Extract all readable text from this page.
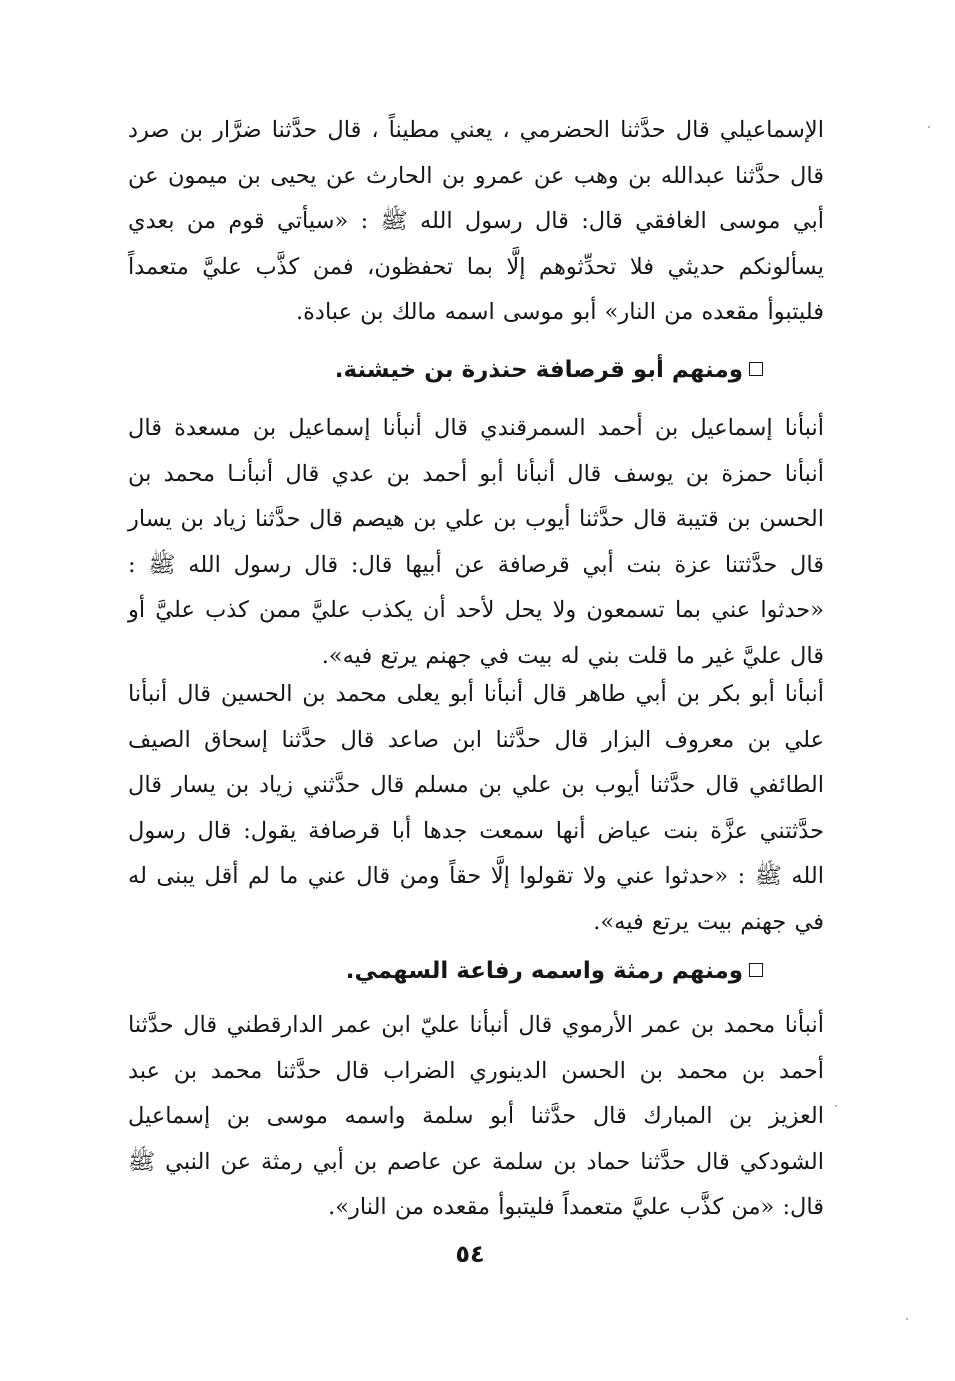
الإسماعيلي قال حدَّثنا الحضرمي ، يعني مطيناً ، قال حدَّثنا ضرَّار بن صرد قال حدَّثنا عبدالله بن وهب عن عمرو بن الحارث عن يحيى بن ميمون عن أبي موسى الغافقي قال: قال رسول الله ﷺ : «سيأتي قوم من بعدي يسألونكم حديثي فلا تحدِّثوهم إلَّا بما تحفظون، فمن كذَّب عليَّ متعمداً فليتبوأ مقعده من النار» أبو موسى اسمه مالك بن عبادة.

ومنهم أبو قرصافة حنذرة بن خيشنة.

أنبأنا إسماعيل بن أحمد السمرقندي قال أنبأنا إسماعيل بن مسعدة قال أنبأنا حمزة بن يوسف قال أنبأنا أبو أحمد بن عدي قال أنبأنـا محمد بن الحسن بن قتيبة قال حدَّثنا أيوب بن علي بن هيصم قال حدَّثنا زياد بن يسار قال حدَّثتنا عزة بنت أبي قرصافة عن أبيها قال: قال رسول الله ﷺ : «حدثوا عني بما تسمعون ولا يحل لأحد أن يكذب عليَّ ممن كذب عليَّ أو قال عليَّ غير ما قلت بني له بيت في جهنم يرتع فيه».

أنبأنا أبو بكر بن أبي طاهر قال أنبأنا أبو يعلى محمد بن الحسين قال أنبأنا علي بن معروف البزار قال حدَّثنا ابن صاعد قال حدَّثنا إسحاق الصيف الطائفي قال حدَّثنا أيوب بن علي بن مسلم قال حدَّثني زياد بن يسار قال حدَّثتني عزَّة بنت عياض أنها سمعت جدها أبا قرصافة يقول: قال رسول الله ﷺ : «حدثوا عني ولا تقولوا إلَّا حقاً ومن قال عني ما لم أقل يبنى له في جهنم بيت يرتع فيه».

ومنهم رمثة واسمه رفاعة السهمي.

أنبأنا محمد بن عمر الأرموي قال أنبأنا عليّ ابن عمر الدارقطني قال حدَّثنا أحمد بن محمد بن الحسن الدينوري الضراب قال حدَّثنا محمد بن عبد العزيز بن المبارك قال حدَّثنا أبو سلمة واسمه موسى بن إسماعيل الشودكي قال حدَّثنا حماد بن سلمة عن عاصم بن أبي رمثة عن النبي ﷺ قال: «من كذَّب عليَّ متعمداً فليتبوأ مقعده من النار».

٥٤
